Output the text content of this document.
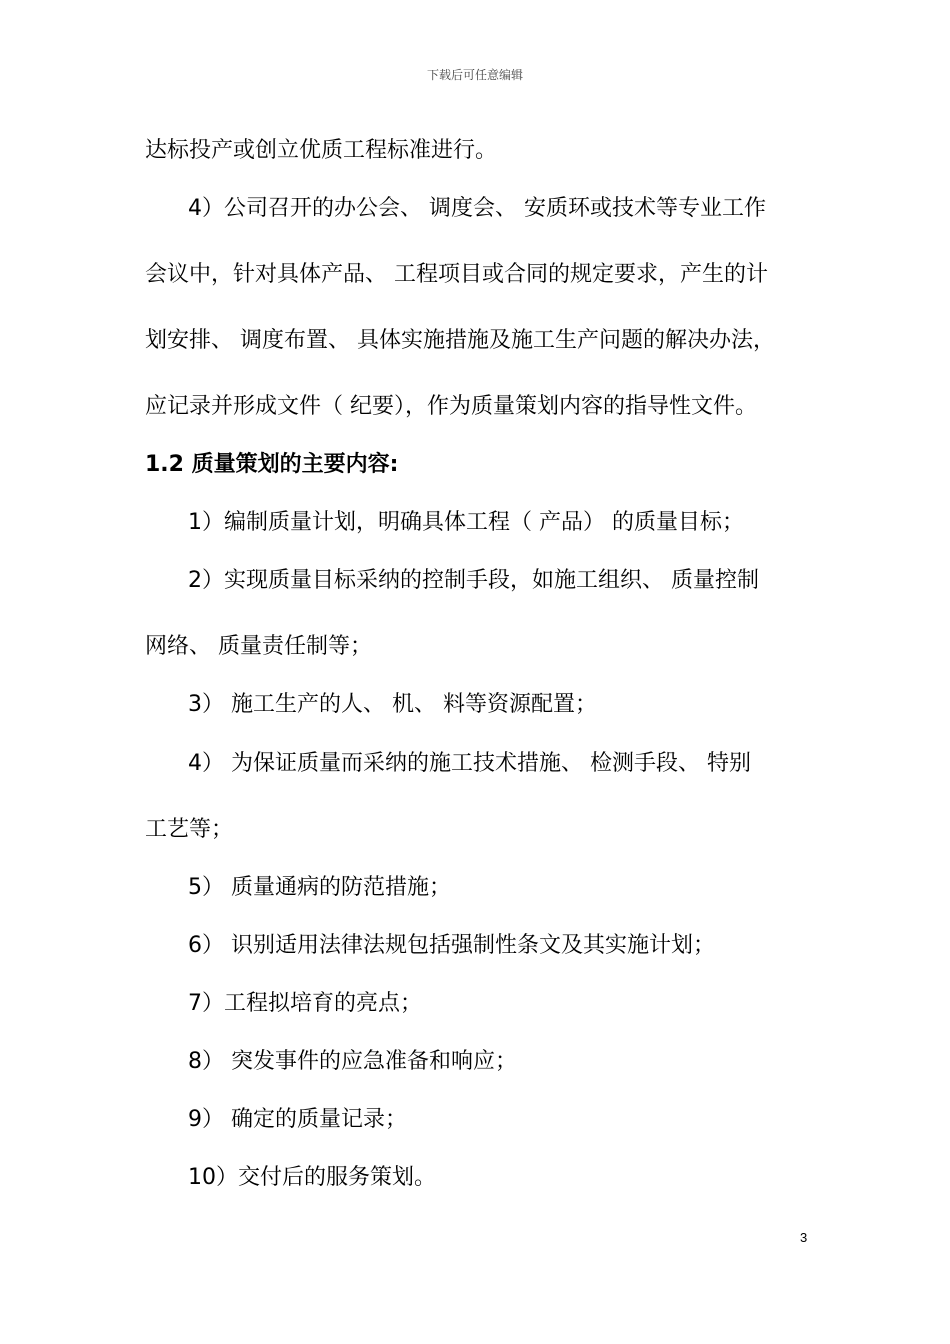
下载后可任意编辑
达标投产或创立优质工程标准进行。
4）公司召开的办公会、 调度会、 安质环或技术等专业工作
会议中，针对具体产品、 工程项目或合同的规定要求，产生的计
划安排、 调度布置、 具体实施措施及施工生产问题的解决办法，
应记录并形成文件（ 纪要），作为质量策划内容的指导性文件。
1.2 质量策划的主要内容:
1）编制质量计划，明确具体工程（ 产品） 的质量目标；
2）实现质量目标采纳的控制手段，如施工组织、 质量控制
网络、 质量责任制等；
3） 施工生产的人、 机、 料等资源配置；
4） 为保证质量而采纳的施工技术措施、 检测手段、 特别
工艺等；
5） 质量通病的防范措施；
6） 识别适用法律法规包括强制性条文及其实施计划；
7）工程拟培育的亮点；
8） 突发事件的应急准备和响应；
9） 确定的质量记录；
10）交付后的服务策划。
3
